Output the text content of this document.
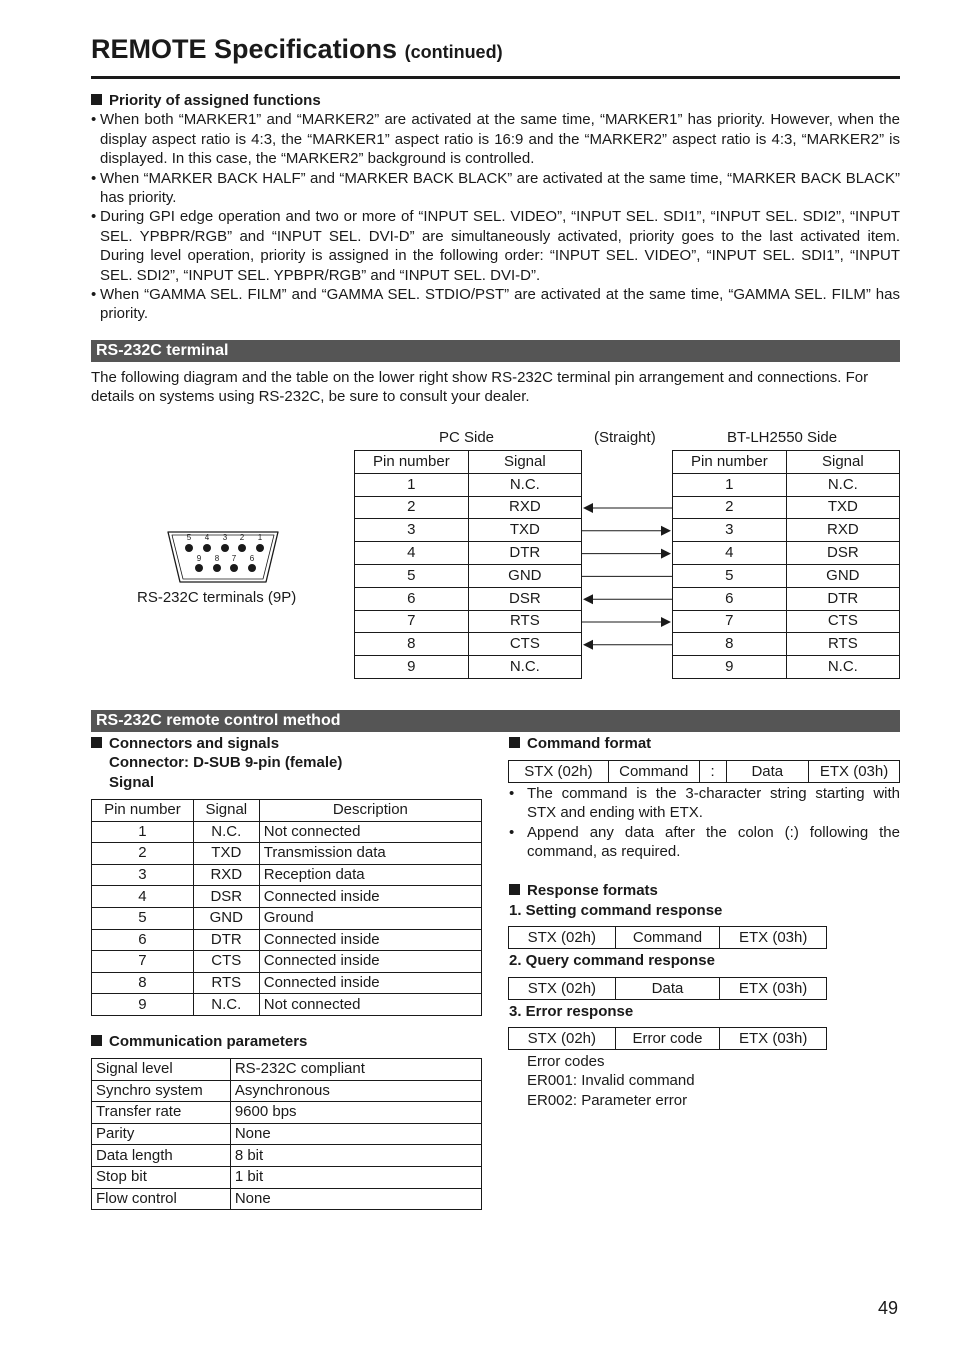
REMOTE Specifications (continued)
Priority of assigned functions
• When both “MARKER1” and “MARKER2” are activated at the same time, “MARKER1” has priority. However, when the display aspect ratio is 4:3, the “MARKER1” aspect ratio is 16:9 and the “MARKER2” aspect ratio is 4:3, “MARKER2” is displayed. In this case, the “MARKER2” background is controlled.
• When “MARKER BACK HALF” and “MARKER BACK BLACK” are activated at the same time, “MARKER BACK BLACK” has priority.
• During GPI edge operation and two or more of “INPUT SEL. VIDEO”, “INPUT SEL. SDI1”, “INPUT SEL. SDI2”, “INPUT SEL. YPBPR/RGB” and “INPUT SEL. DVI-D” are simultaneously activated, priority goes to the last activated item. During level operation, priority is assigned in the following order: “INPUT SEL. VIDEO”, “INPUT SEL. SDI1”, “INPUT SEL. SDI2”, “INPUT SEL. YPBPR/RGB” and “INPUT SEL. DVI-D”.
• When “GAMMA SEL. FILM” and “GAMMA SEL. STDIO/PST” are activated at the same time, “GAMMA SEL. FILM” has priority.
RS-232C terminal
The following diagram and the table on the lower right show RS-232C terminal pin arrangement and connections. For details on systems using RS-232C, be sure to consult your dealer.
5 4 3 2 1
9 8 7 6
RS-232C terminals (9P)
PC Side	(Straight)	BT-LH2550 Side
Pin number	Signal
1	N.C.
2	RXD
3	TXD
4	DTR
5	GND
6	DSR
7	RTS
8	CTS
9	N.C.
Pin number	Signal
1	N.C.
2	TXD
3	RXD
4	DSR
5	GND
6	DTR
7	CTS
8	RTS
9	N.C.
RS-232C remote control method
Connectors and signals
Connector: D-SUB 9-pin (female)
Signal
Pin number	Signal	Description
1	N.C.	Not connected
2	TXD	Transmission data
3	RXD	Reception data
4	DSR	Connected inside
5	GND	Ground
6	DTR	Connected inside
7	CTS	Connected inside
8	RTS	Connected inside
9	N.C.	Not connected
Communication parameters
Signal level	RS-232C compliant
Synchro system	Asynchronous
Transfer rate	9600 bps
Parity	None
Data length	8 bit
Stop bit	1 bit
Flow control	None
Command format
STX (02h)	Command	:	Data	ETX (03h)
• The command is the 3-character string starting with STX and ending with ETX.
• Append any data after the colon (:) following the command, as required.
Response formats
1. Setting command response
STX (02h)	Command	ETX (03h)
2. Query command response
STX (02h)	Data	ETX (03h)
3. Error response
STX (02h)	Error code	ETX (03h)
Error codes
ER001: Invalid command
ER002: Parameter error
49
